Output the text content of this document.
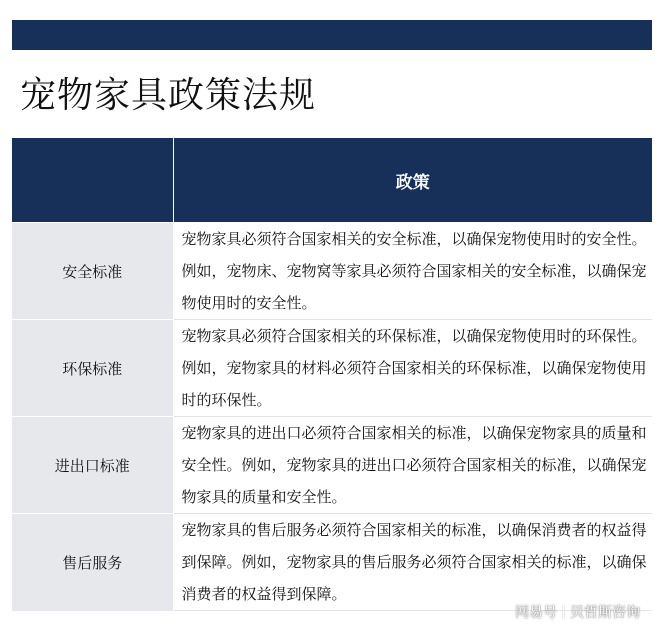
宠物家具政策法规
	政策
安全标准	宠物家具必须符合国家相关的安全标准，以确保宠物使用时的安全性。例如，宠物床、宠物窝等家具必须符合国家相关的安全标准，以确保宠物使用时的安全性。
环保标准	宠物家具必须符合国家相关的环保标准，以确保宠物使用时的环保性。例如，宠物家具的材料必须符合国家相关的环保标准，以确保宠物使用时的环保性。
进出口标准	宠物家具的进出口必须符合国家相关的标准，以确保宠物家具的质量和安全性。例如，宠物家具的进出口必须符合国家相关的标准，以确保宠物家具的质量和安全性。
售后服务	宠物家具的售后服务必须符合国家相关的标准，以确保消费者的权益得到保障。例如，宠物家具的售后服务必须符合国家相关的标准，以确保消费者的权益得到保障。
网易号 贝哲斯咨询
